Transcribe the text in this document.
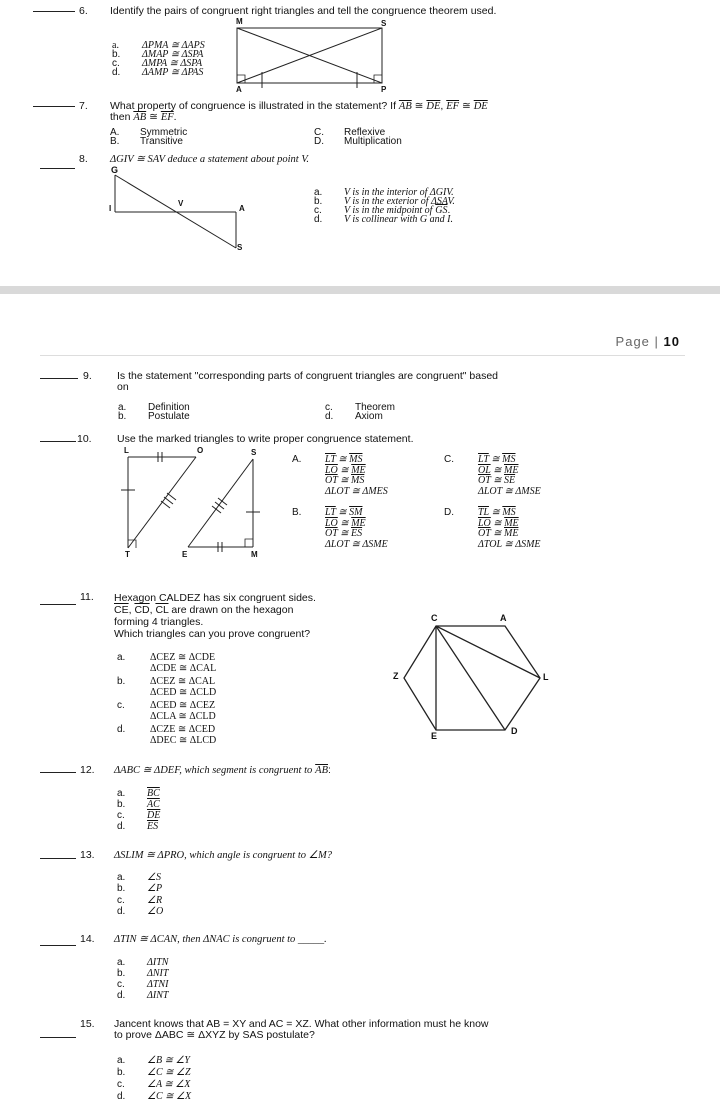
6. Identify the pairs of congruent right triangles and tell the congruence theorem used.
a. ΔPMA ≅ ΔAPS
b. ΔMAP ≅ ΔSPA
c. ΔMPA ≅ ΔSPA
d. ΔAMP ≅ ΔPAS
M	S
A	P
7. What property of congruence is illustrated in the statement? If $\overline{AB}$ ≅ $\overline{DE}$, $\overline{EF}$ ≅ $\overline{DE}$
then $\overline{AB}$ ≅ $\overline{EF}$.
A. Symmetric
B. Transitive
C. Reflexive
D. Multiplication
8. ΔGIV ≅ SAV deduce a statement about point V.
G
I
V
A
S
a. V is in the interior of ΔGIV.
b. V is in the exterior of ΔSAV.
c. V is in the midpoint of $\overline{GS}$.
d. V is collinear with G and I.
Page | 10
9. Is the statement "corresponding parts of congruent triangles are congruent" based
on
a. Definition
b. Postulate
c. Theorem
d. Axiom
10. Use the marked triangles to write proper congruence statement.
L	O	S
T	E	M
A. $\overline{LT}$ ≅ $\overline{MS}$
$\overline{LO}$ ≅ $\overline{ME}$
$\overline{OT}$ ≅ $\overline{MS}$
ΔLOT ≅ ΔMES
B. $\overline{LT}$ ≅ $\overline{SM}$
$\overline{LO}$ ≅ $\overline{ME}$
$\overline{OT}$ ≅ $\overline{ES}$
ΔLOT ≅ ΔSME
C. $\overline{LT}$ ≅ $\overline{MS}$
$\overline{OL}$ ≅ $\overline{ME}$
$\overline{OT}$ ≅ $\overline{SE}$
ΔLOT ≅ ΔMSE
D. $\overline{TL}$ ≅ $\overline{MS}$
$\overline{LO}$ ≅ $\overline{ME}$
$\overline{OT}$ ≅ $\overline{ME}$
ΔTOL ≅ ΔSME
11. Hexagon CALDEZ has six congruent sides.
$\overline{CE}$, $\overline{CD}$, $\overline{CL}$ are drawn on the hexagon
forming 4 triangles.
Which triangles can you prove congruent?
a.	ΔCEZ ≅ ΔCDE
ΔCDE ≅ ΔCAL
b.	ΔCEZ ≅ ΔCAL
ΔCED ≅ ΔCLD
c.	ΔCED ≅ ΔCEZ
ΔCLA ≅ ΔCLD
d.	ΔCZE ≅ ΔCED
ΔDEC ≅ ΔLCD
C	A
Z	L
E	D
12. ΔABC ≅ ΔDEF, which segment is congruent to $\overline{AB}$:
a. $\overline{BC}$
b. $\overline{AC}$
c. $\overline{DE}$
d. $\overline{ES}$
13. ΔSLIM ≅ ΔPRO, which angle is congruent to ∠M?
a. ∠S
b. ∠P
c. ∠R
d. ∠O
14. ΔTIN ≅ ΔCAN, then ΔNAC is congruent to _____.
a. ΔITN
b. ΔNIT
c. ΔTNI
d. ΔINT
15. Jancent knows that AB = XY and AC = XZ. What other information must he know
to prove ΔABC ≅ ΔXYZ by SAS postulate?
a. ∠B ≅ ∠Y
b. ∠C ≅ ∠Z
c. ∠A ≅ ∠X
d. ∠C ≅ ∠X
